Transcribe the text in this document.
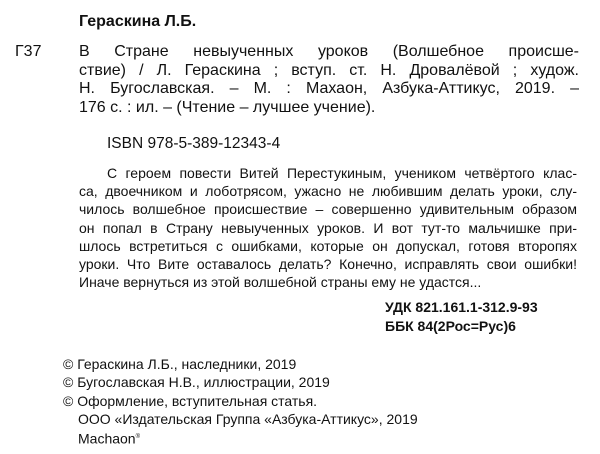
Гераскина Л.Б.
Г37 В Стране невыученных уроков (Волшебное происше-
ствие) / Л. Гераскина ; вступ. ст. Н. Дровалёвой ; худож.
Н. Бугославская. – М. : Махаон, Азбука-Аттикус, 2019. –
176 с. : ил. – (Чтение – лучшее учение).
ISBN 978-5-389-12343-4
С героем повести Витей Перестукиным, учеником четвёртого клас-
са, двоечником и лоботрясом, ужасно не любившим делать уроки, слу-
чилось волшебное происшествие – совершенно удивительным образом
он попал в Страну невыученных уроков. И вот тут-то мальчишке при-
шлось встретиться с ошибками, которые он допускал, готовя второпях
уроки. Что Вите оставалось делать? Конечно, исправлять свои ошибки!
Иначе вернуться из этой волшебной страны ему не удастся...
УДК 821.161.1-312.9-93
ББК 84(2Рос=Рус)6
© Гераскина Л.Б., наследники, 2019
© Бугославская Н.В., иллюстрации, 2019
© Оформление, вступительная статья.
ООО «Издательская Группа «Азбука-Аттикус», 2019
Machaon®
